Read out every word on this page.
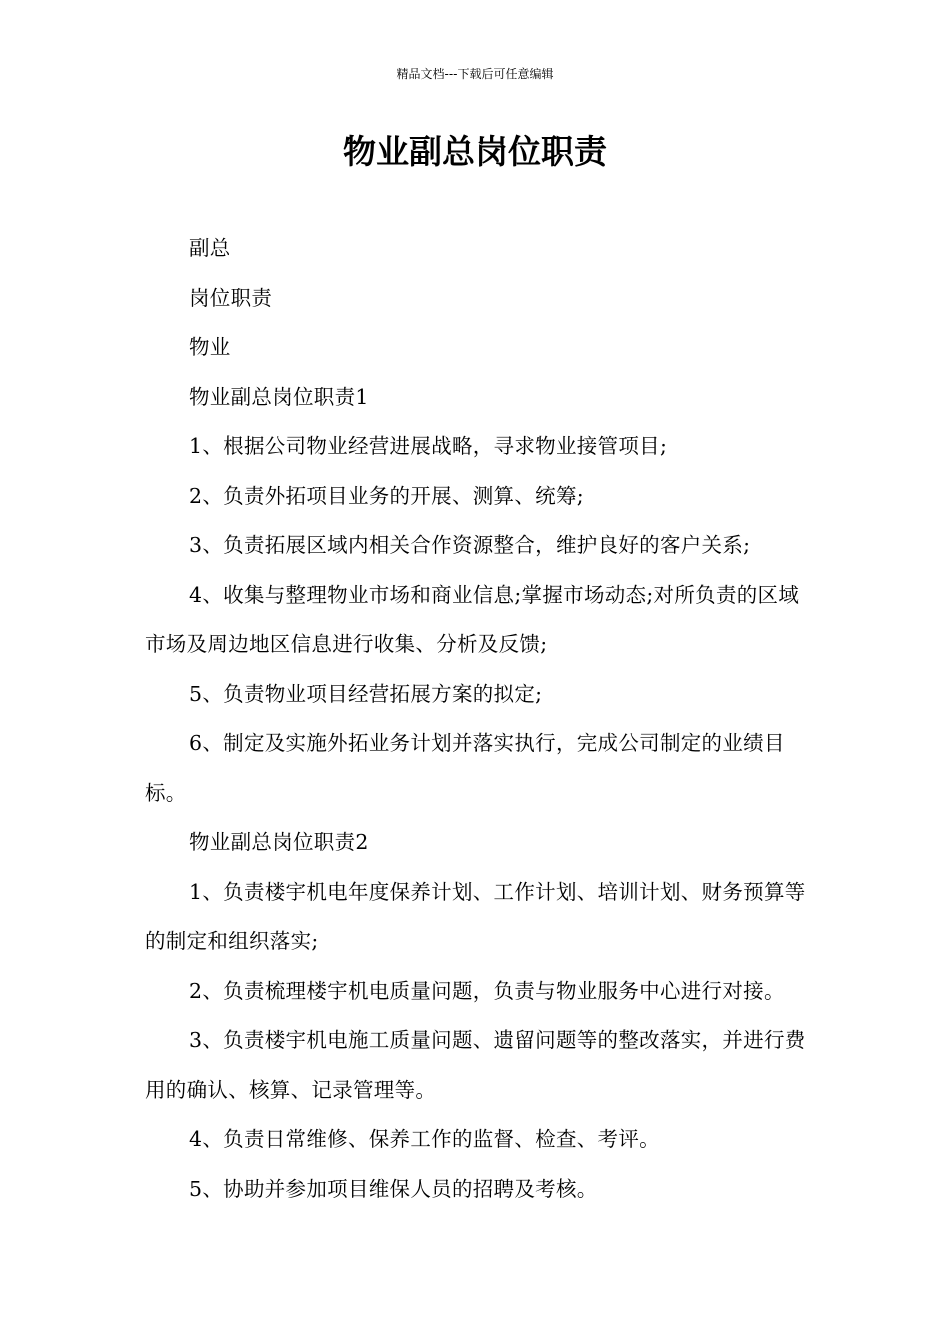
精品文档---下载后可任意编辑
物业副总岗位职责

副总

岗位职责

物业

物业副总岗位职责1

1、根据公司物业经营进展战略，寻求物业接管项目;

2、负责外拓项目业务的开展、测算、统筹;

3、负责拓展区域内相关合作资源整合，维护良好的客户关系;

4、收集与整理物业市场和商业信息;掌握市场动态;对所负责的区域市场及周边地区信息进行收集、分析及反馈;

5、负责物业项目经营拓展方案的拟定;

6、制定及实施外拓业务计划并落实执行，完成公司制定的业绩目标。

物业副总岗位职责2

1、负责楼宇机电年度保养计划、工作计划、培训计划、财务预算等的制定和组织落实;

2、负责梳理楼宇机电质量问题，负责与物业服务中心进行对接。

3、负责楼宇机电施工质量问题、遗留问题等的整改落实，并进行费用的确认、核算、记录管理等。

4、负责日常维修、保养工作的监督、检查、考评。

5、协助并参加项目维保人员的招聘及考核。
